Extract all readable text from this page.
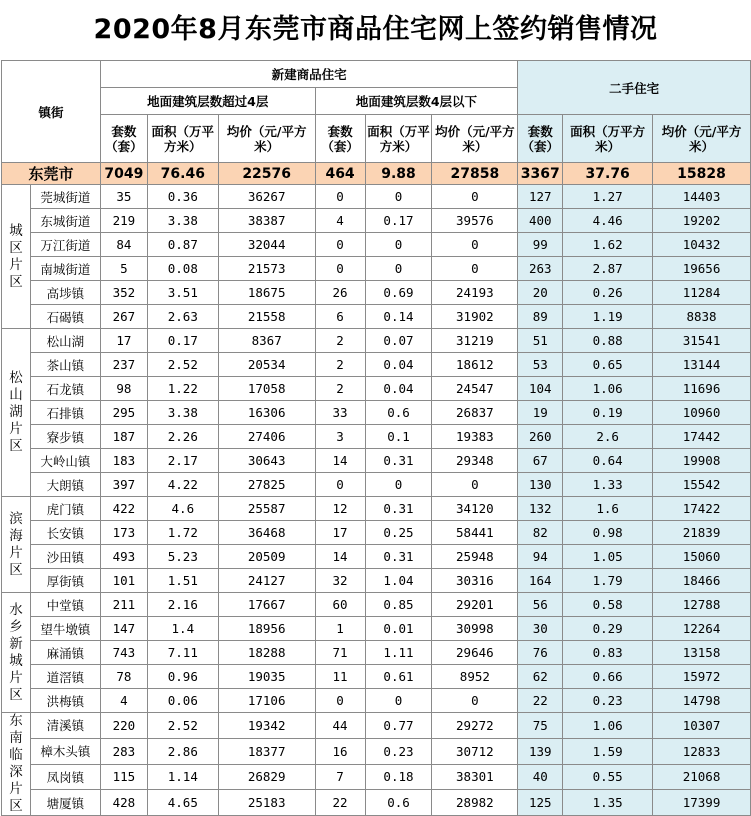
2020年8月东莞市商品住宅网上签约销售情况
镇街		新建商品住宅						二手住宅		
		地面建筑层数超过4层			地面建筑层数4层以下					
		套数（套）	面积（万平方米）	均价（元/平方米）	套数（套）	面积（万平方米）	均价（元/平方米）	套数（套）	面积（万平方米）	均价（元/平方米）
东莞市		7049	76.46	22576	464	9.88	27858	3367	37.76	15828
城区片区	莞城街道	35	0.36	36267	0	0	0	127	1.27	14403
	东城街道	219	3.38	38387	4	0.17	39576	400	4.46	19202
	万江街道	84	0.87	32044	0	0	0	99	1.62	10432
	南城街道	5	0.08	21573	0	0	0	263	2.87	19656
	高埗镇	352	3.51	18675	26	0.69	24193	20	0.26	11284
	石碣镇	267	2.63	21558	6	0.14	31902	89	1.19	8838
松山湖片区	松山湖	17	0.17	8367	2	0.07	31219	51	0.88	31541
	茶山镇	237	2.52	20534	2	0.04	18612	53	0.65	13144
	石龙镇	98	1.22	17058	2	0.04	24547	104	1.06	11696
	石排镇	295	3.38	16306	33	0.6	26837	19	0.19	10960
	寮步镇	187	2.26	27406	3	0.1	19383	260	2.6	17442
	大岭山镇	183	2.17	30643	14	0.31	29348	67	0.64	19908
	大朗镇	397	4.22	27825	0	0	0	130	1.33	15542
滨海片区	虎门镇	422	4.6	25587	12	0.31	34120	132	1.6	17422
	长安镇	173	1.72	36468	17	0.25	58441	82	0.98	21839
	沙田镇	493	5.23	20509	14	0.31	25948	94	1.05	15060
	厚街镇	101	1.51	24127	32	1.04	30316	164	1.79	18466
水乡新城片区	中堂镇	211	2.16	17667	60	0.85	29201	56	0.58	12788
	望牛墩镇	147	1.4	18956	1	0.01	30998	30	0.29	12264
	麻涌镇	743	7.11	18288	71	1.11	29646	76	0.83	13158
	道滘镇	78	0.96	19035	11	0.61	8952	62	0.66	15972
	洪梅镇	4	0.06	17106	0	0	0	22	0.23	14798
东南临深片区	清溪镇	220	2.52	19342	44	0.77	29272	75	1.06	10307
	樟木头镇	283	2.86	18377	16	0.23	30712	139	1.59	12833
	凤岗镇	115	1.14	26829	7	0.18	38301	40	0.55	21068
	塘厦镇	428	4.65	25183	22	0.6	28982	125	1.35	17399
